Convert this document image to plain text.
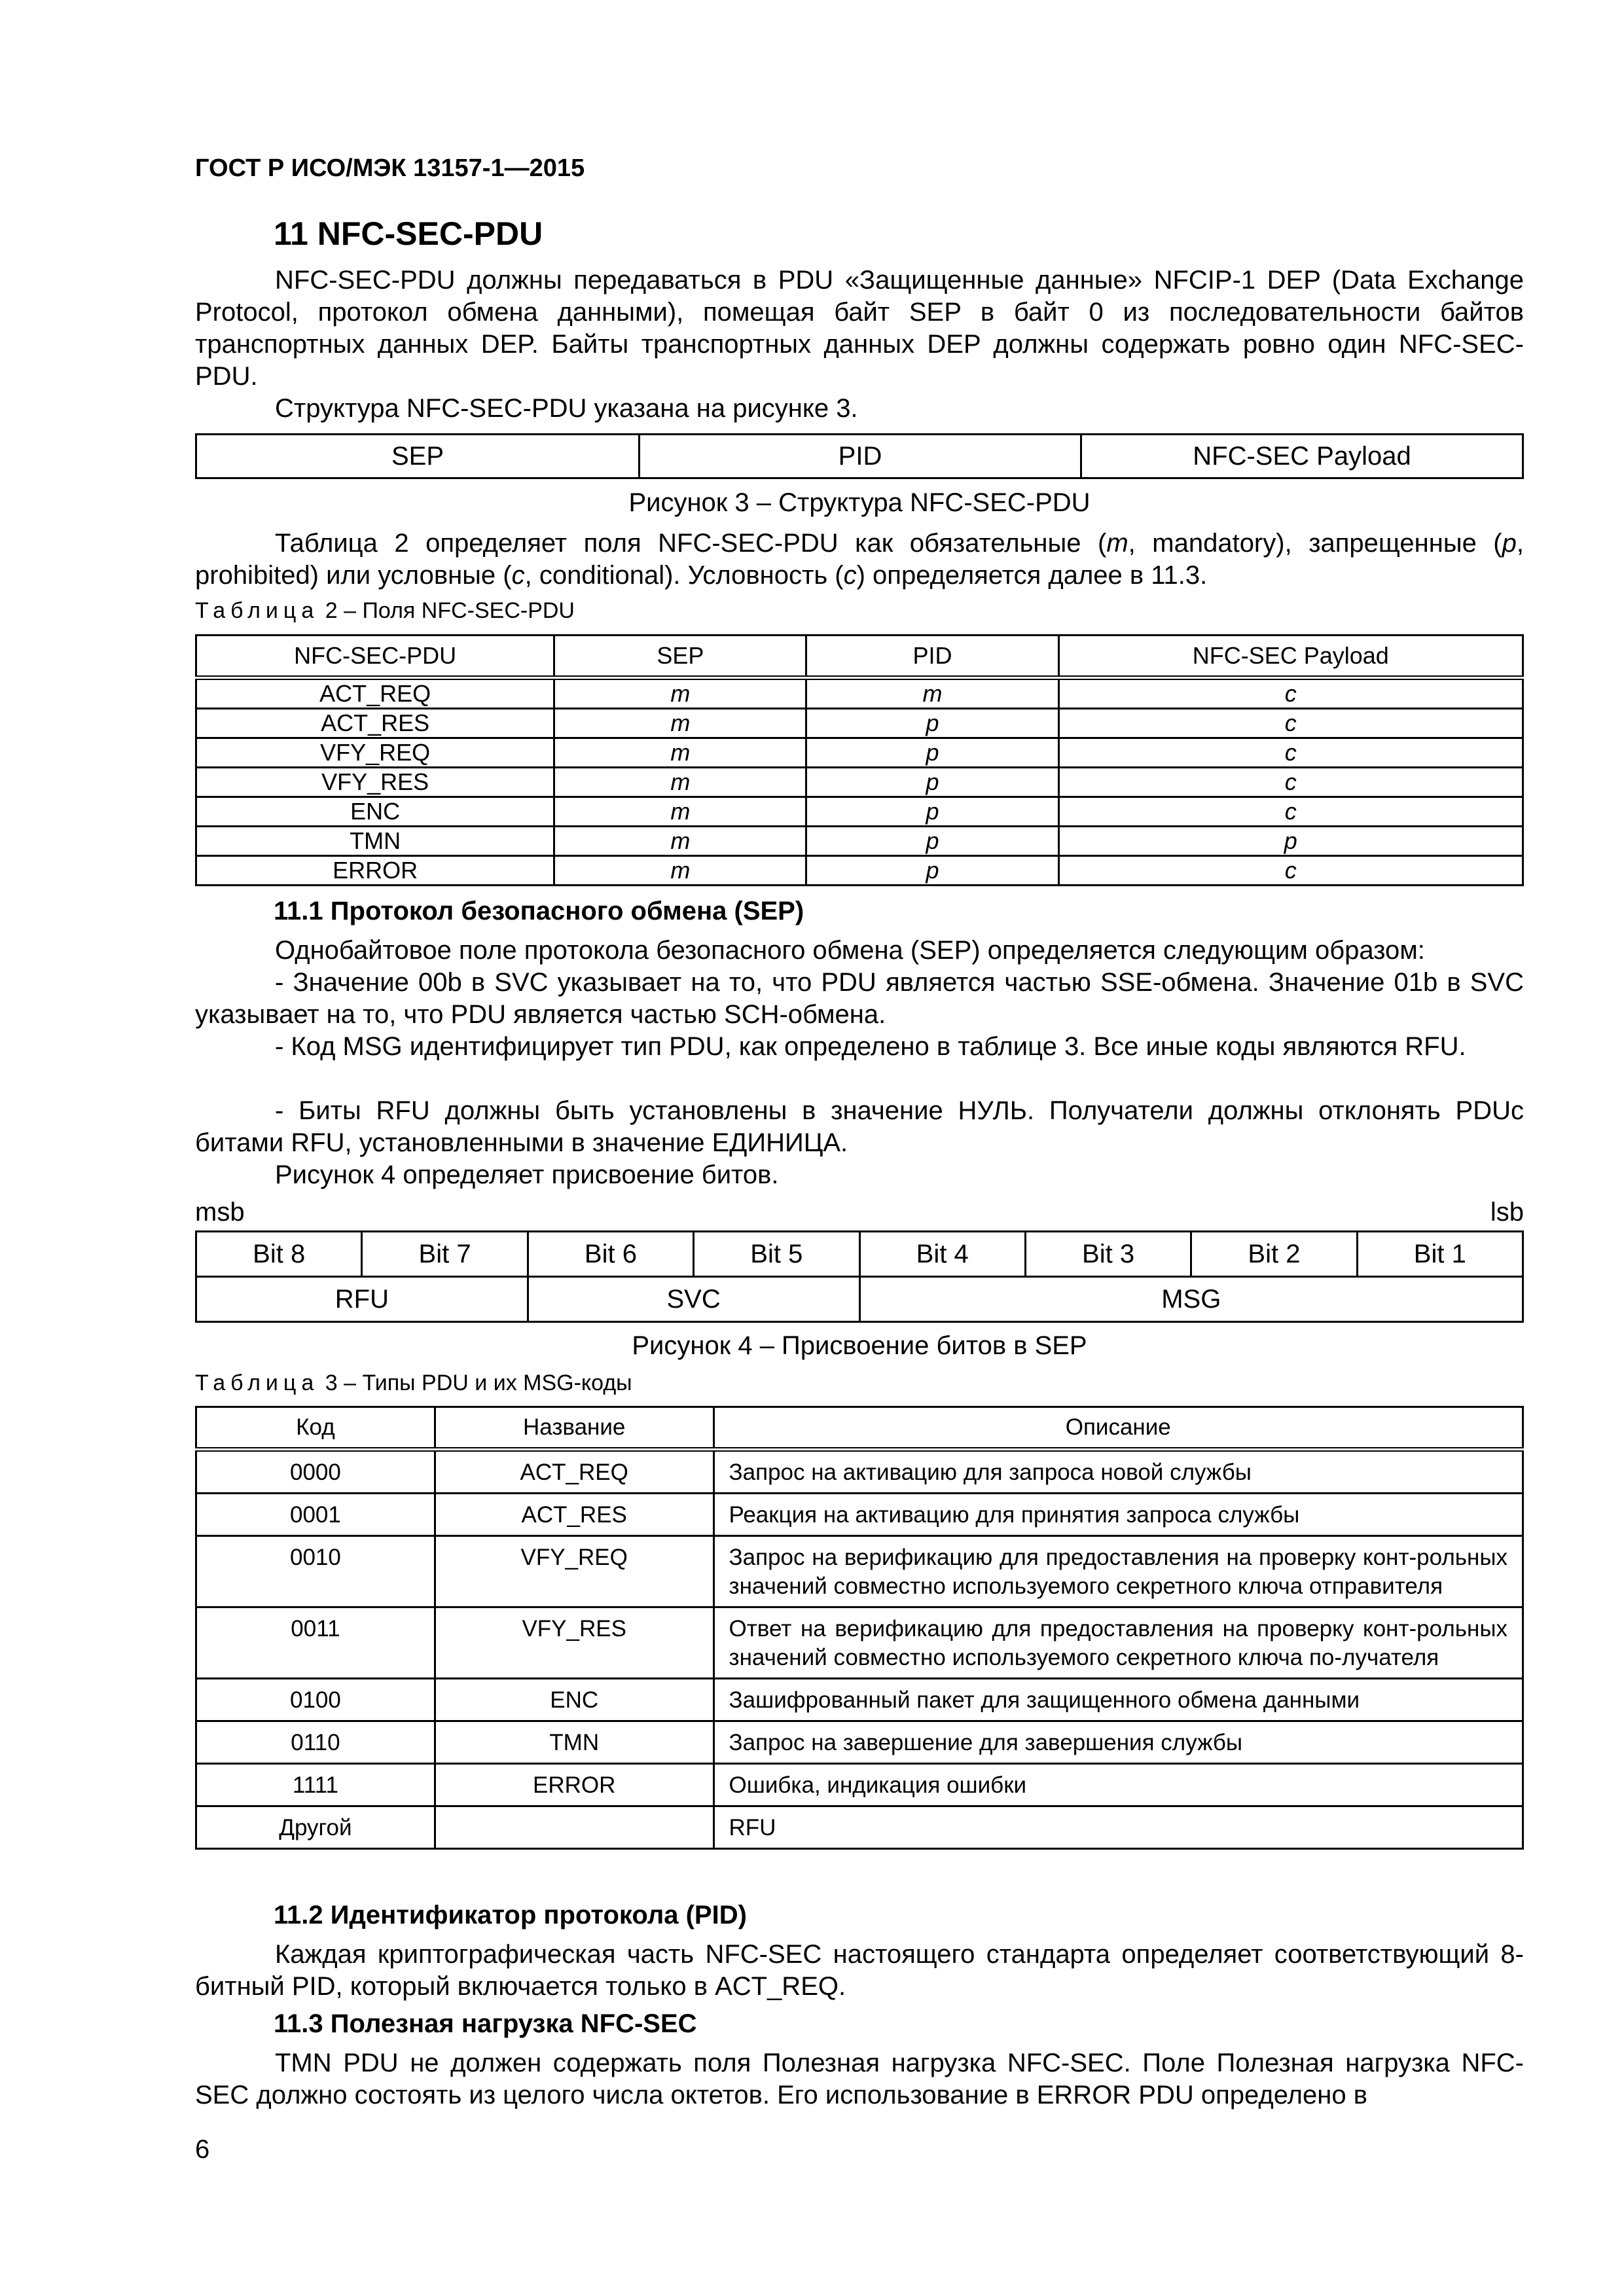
ГОСТ Р ИСО/МЭК 13157-1—2015
11 NFC-SEC-PDU
NFC-SEC-PDU должны передаваться в PDU «Защищенные данные» NFCIP-1 DEP (Data Exchange Protocol, протокол обмена данными), помещая байт SEP в байт 0 из последовательности байтов транспортных данных DEP. Байты транспортных данных DEP должны содержать ровно один NFC-SEC-PDU.
Структура NFC-SEC-PDU указана на рисунке 3.
SEP	PID	NFC-SEC Payload
Рисунок 3 – Структура NFC-SEC-PDU
Таблица 2 определяет поля NFC-SEC-PDU как обязательные (m, mandatory), запрещенные (p, prohibited) или условные (c, conditional). Условность (c) определяется далее в 11.3.
Таблица 2 – Поля NFC-SEC-PDU
NFC-SEC-PDU	SEP	PID	NFC-SEC Payload
ACT_REQ	m	m	c
ACT_RES	m	p	c
VFY_REQ	m	p	c
VFY_RES	m	p	c
ENC	m	p	c
TMN	m	p	p
ERROR	m	p	c
11.1 Протокол безопасного обмена (SEP)
Однобайтовое поле протокола безопасного обмена (SEP) определяется следующим образом:
- Значение 00b в SVC указывает на то, что PDU является частью SSE-обмена. Значение 01b в SVC указывает на то, что PDU является частью SCH-обмена.
- Код MSG идентифицирует тип PDU, как определено в таблице 3. Все иные коды являются RFU.
- Биты RFU должны быть установлены в значение НУЛЬ. Получатели должны отклонять PDUc битами RFU, установленными в значение ЕДИНИЦА.
Рисунок 4 определяет присвоение битов.
msb	lsb
Bit 8	Bit 7	Bit 6	Bit 5	Bit 4	Bit 3	Bit 2	Bit 1
RFU		SVC		MSG			
Рисунок 4 – Присвоение битов в SEP
Таблица 3 – Типы PDU и их MSG-коды
Код	Название	Описание
0000	ACT_REQ	Запрос на активацию для запроса новой службы
0001	ACT_RES	Реакция на активацию для принятия запроса службы
0010	VFY_REQ	Запрос на верификацию для предоставления на проверку конт-рольных значений совместно используемого секретного ключа отправителя
0011	VFY_RES	Ответ на верификацию для предоставления на проверку конт-рольных значений совместно используемого секретного ключа по-лучателя
0100	ENC	Зашифрованный пакет для защищенного обмена данными
0110	TMN	Запрос на завершение для завершения службы
1111	ERROR	Ошибка, индикация ошибки
Другой		RFU
11.2 Идентификатор протокола (PID)
Каждая криптографическая часть NFC-SEC настоящего стандарта определяет соответствующий 8-битный PID, который включается только в ACT_REQ.
11.3 Полезная нагрузка NFC-SEC
TMN PDU не должен содержать поля Полезная нагрузка NFC-SEC. Поле Полезная нагрузка NFC-SEC должно состоять из целого числа октетов. Его использование в ERROR PDU определено в
6
